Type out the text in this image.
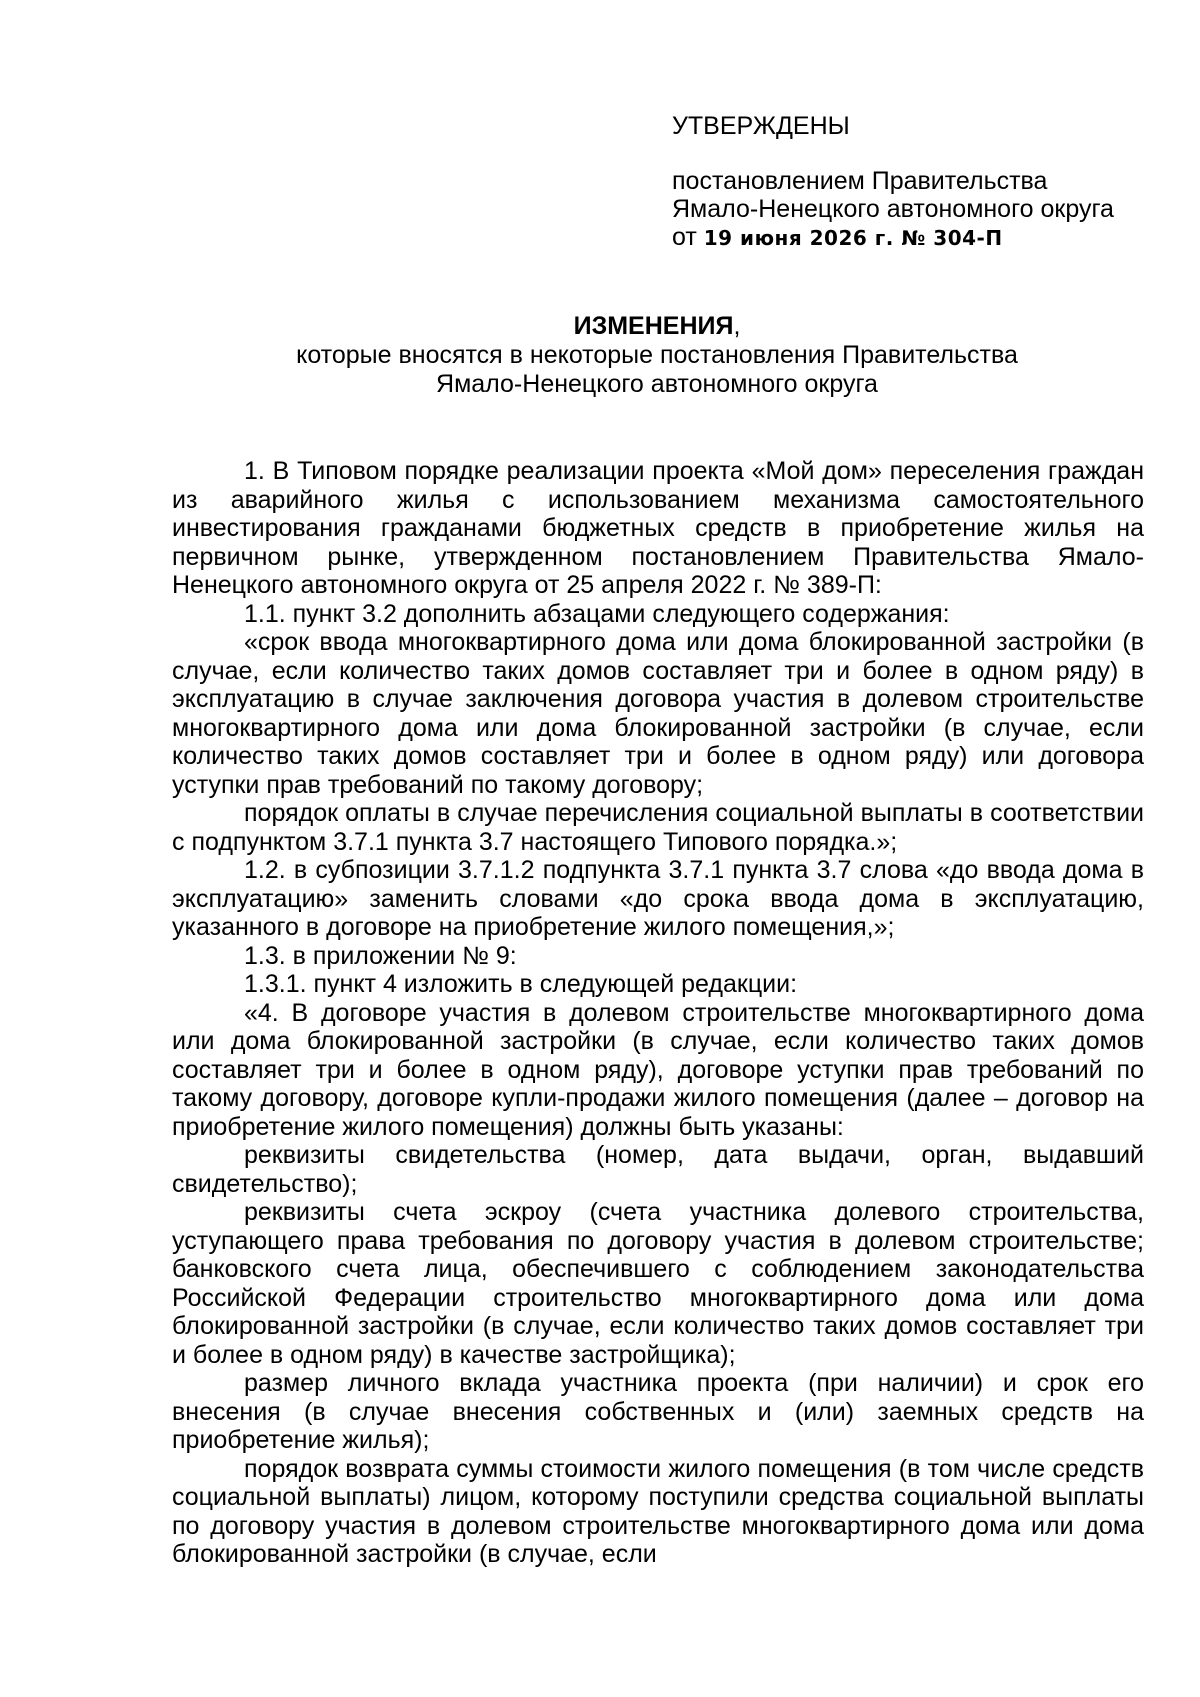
УТВЕРЖДЕНЫ
постановлением Правительства
Ямало-Ненецкого автономного округа
от 19 июня 2026 г. № 304-П
ИЗМЕНЕНИЯ,
которые вносятся в некоторые постановления Правительства
Ямало-Ненецкого автономного округа

1. В Типовом порядке реализации проекта «Мой дом» переселения граждан из аварийного жилья с использованием механизма самостоятельного инвестирования гражданами бюджетных средств в приобретение жилья на первичном рынке, утвержденном постановлением Правительства Ямало-Ненецкого автономного округа от 25 апреля 2022 г. № 389-П:

1.1. пункт 3.2 дополнить абзацами следующего содержания:

«срок ввода многоквартирного дома или дома блокированной застройки (в случае, если количество таких домов составляет три и более в одном ряду) в эксплуатацию в случае заключения договора участия в долевом строительстве многоквартирного дома или дома блокированной застройки (в случае, если количество таких домов составляет три и более в одном ряду) или договора уступки прав требований по такому договору;

порядок оплаты в случае перечисления социальной выплаты в соответствии с подпунктом 3.7.1 пункта 3.7 настоящего Типового порядка.»;

1.2. в субпозиции 3.7.1.2 подпункта 3.7.1 пункта 3.7 слова «до ввода дома в эксплуатацию» заменить словами «до срока ввода дома в эксплуатацию, указанного в договоре на приобретение жилого помещения,»;

1.3. в приложении № 9:

1.3.1. пункт 4 изложить в следующей редакции:

«4. В договоре участия в долевом строительстве многоквартирного дома или дома блокированной застройки (в случае, если количество таких домов составляет три и более в одном ряду), договоре уступки прав требований по такому договору, договоре купли-продажи жилого помещения (далее – договор на приобретение жилого помещения) должны быть указаны:

реквизиты свидетельства (номер, дата выдачи, орган, выдавший свидетельство);

реквизиты счета эскроу (счета участника долевого строительства, уступающего права требования по договору участия в долевом строительстве; банковского счета лица, обеспечившего с соблюдением законодательства Российской Федерации строительство многоквартирного дома или дома блокированной застройки (в случае, если количество таких домов составляет три и более в одном ряду) в качестве застройщика);

размер личного вклада участника проекта (при наличии) и срок его внесения (в случае внесения собственных и (или) заемных средств на приобретение жилья);

порядок возврата суммы стоимости жилого помещения (в том числе средств социальной выплаты) лицом, которому поступили средства социальной выплаты по договору участия в долевом строительстве многоквартирного дома или дома блокированной застройки (в случае, если
